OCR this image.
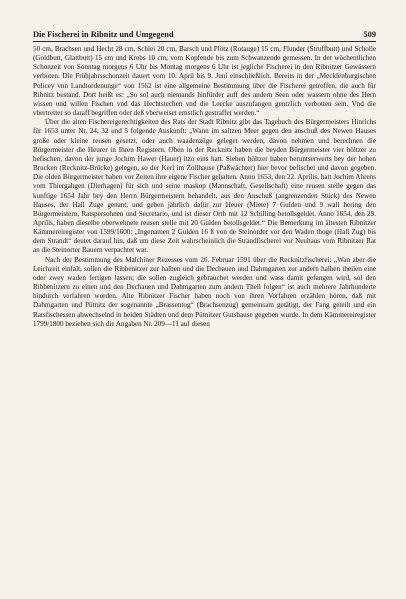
Die Fischerei in Ribnitz und Umgegend	509

50 cm, Brachsen und Hecht 28 cm, Schlei 20 cm, Barsch und Plötz (Rotauge) 15 cm, Flunder (Struffbutt) und Scholle (Goldbutt, Glattbutt) 15 cm und Krebs 10 cm, vom Kopfende bis zum Schwanzende gemessen. In der wöchentlichen Schonzeit von Sonntag morgens 6 Uhr bis Montag morgens 6 Uhr ist jegliche Fischerei in den Ribnitzer Gewässern verboten. Die Frühjahrsschonzeit dauert vom 10. April bis 9. Juni einschließlich. Bereits in der „Mecklenburgischen Policey vnn Landtordenunge“ von 1562 ist eine allgemeine Bestimmung über die Fischerei getroffen, die auch für Ribnitz bestand. Dort heißt es: „So sol auch niemands hinfürder auff des andern Seen oder wassern ohne des Hern wissen und willen Fischen vnd das Hechtstechen vnd die Leecke auszufangen gentzlich verbotten sein. Vnd die vbertretter so daraff begriffen oder deß vberweiset ernstlich gestraffet werden.“

Über die alten Fischereigerechtigkeiten des Rats der Stadt Ribnitz gibt das Tagebuch des Bürgermeisters Hinrichs für 1653 unter Nr. 24, 32 und 5 folgende Auskunft: „Wann im saltzen Meer gegen den anschuß des Newen Hauses große oder kleine reusen gesetzt, oder auch waadenzüge geleget werden, davon nehmen und berechnen die Bürgermeister die Heurer in Ihren Registern. Oben in der Recknitz haben die beyden Bürgermeister vier höltzer zu befischen, davon der junge Jochim Hawer (Hauer) itzo eins hatt. Sieben höltzer haben heruntserwerts bey der hohen Brucken (Recknitz-Brücke) gelegen, so der Kerl im Zollhause (Paßwächter) hier bevor befischet und davon gegeben. Die olden Bürgermeister haben vor Zeiten ihre eigene Fischer gehalten. Anno 1653, den 22. Aprilis, hatt Jochim Ahrens vom Thiergahgen (Dierhagen) für sich und seine maskop (Mannschaft, Gesellschaft) eine reusen stelle gegen das kunftige 1654 Jahr bey den Herrn Bürgermeistern behandelt, aus den Anschuß (angrenzenden Stück) des Newen Hauses, der Hall Zuge genant, und geben jährlich dafür zur Heuer (Miete) 7 Gulden und 9 wall hering den Bürgermeistern, Ratspersohnen und Secretario, und ist dieser Orth mit 12 Schilling betollsgeldet. Anno 1654, den 29. Aprilis, haben dieselbe oberwehnete reusen stelle mit 20 Gulden betollsgeldet.“ Die Bemerkung im ältesten Ribnitzer Kämmereiregister von 1599/1600: „Ingenamen 2 Gulden 16 ß von de Steinorder vor den Waden thoge (Hall Zug) bis dem Strandt“ deutet darauf hin, daß um diese Zeit wahrscheinlich die Strandfischerei vor Neuhaus vom Ribnitzer Rat an die Steinorter Bauern verpachtet war.

Nach der Bestimmung des Malchiner Rezesses vom 26. Februar 1591 über die Recknitzfischerei: „Wan aber die Leichzeit einfalt, sollen die Ribbenitzer zur halben und die Dechauen und Dahmgarten zur andern halben theilen eine oder zwey waden fertigen lassen; die sollen zugleich gebrauchet werden und wass damit gefangen wird, sol den Ribbenitzern zu einen und den Dechauen und Dahmgarten zum andern Theil folgen“ ist auch mehrere Jahrhunderte hindurch verfahren worden. Alte Ribnitzer Fischer haben noch von ihren Vorfahren erzählen hören, daß mit Dahmgarten und Pütnitz der sogenannte „Brassentog“ (Brachsenzug) gemeinsam getätigt, der Fang geteilt und ein Ratsfischessen abwechselnd in beiden Städten und dem Pütnitzer Gutshause gegeben wurde. In dem Kämmereiregister 1799/1800 beziehen sich die Angaben Nr. 209—11 auf diesen
